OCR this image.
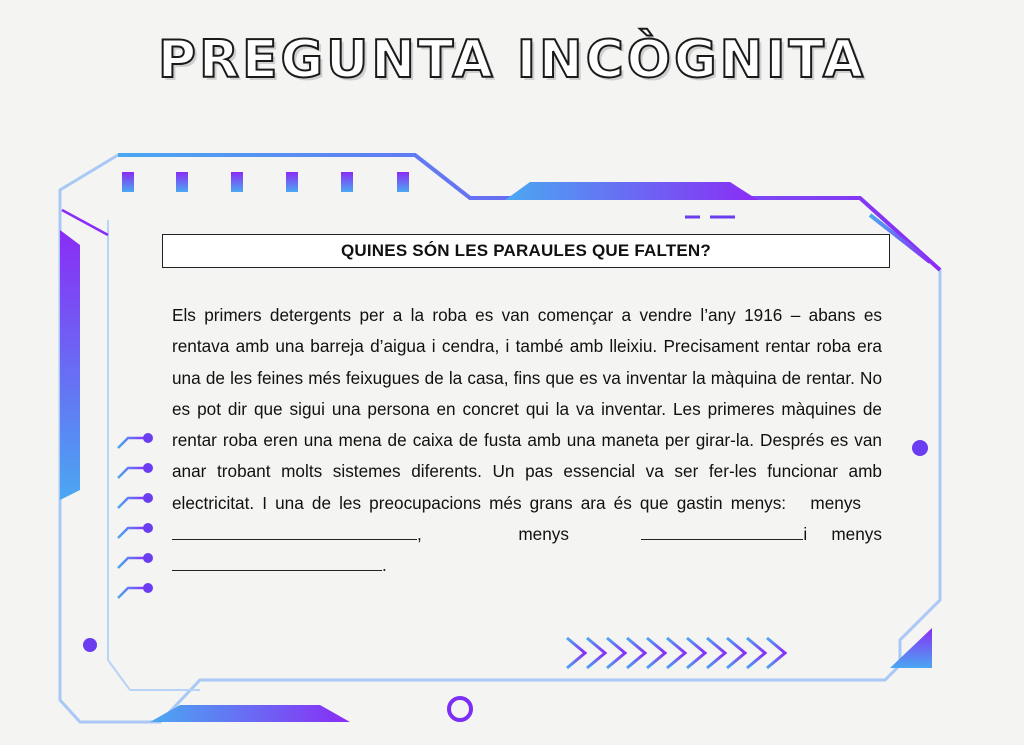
PREGUNTA INCÒGNITA
QUINES SÓN LES PARAULES QUE FALTEN?

Els primers detergents per a la roba es van començar a vendre l’any 1916 – abans es rentava amb una barreja d’aigua i cendra, i també amb lleixiu. Precisament rentar roba era una de les feines més feixugues de la casa, fins que es va inventar la màquina de rentar. No es pot dir que sigui una persona en concret qui la va inventar. Les primeres màquines de rentar roba eren una mena de caixa de fusta amb una maneta per girar-la. Després es van anar trobant molts sistemes diferents. Un pas essencial va ser fer-les funcionar amb electricitat. I una de les preocupacions més grans ara és que gastin menys: menys   ,	menys	i menys .
